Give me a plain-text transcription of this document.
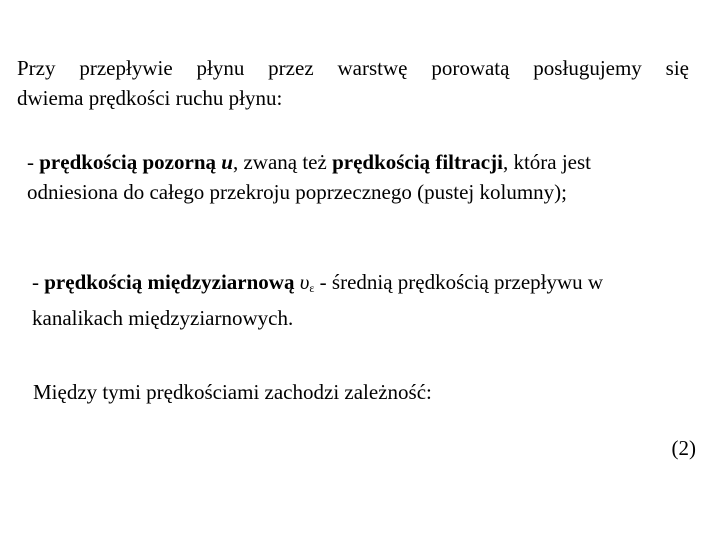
Przy przepływie płynu przez warstwę porowatą posługujemy się
dwiema prędkości ruchu płynu:

- prędkością pozorną u, zwaną też prędkością filtracji, która jest odniesiona do całego przekroju poprzecznego (pustej kolumny);

- prędkością międzyziarnową $\upsilon_\varepsilon$ - średnią prędkością przepływu w kanalikach międzyziarnowych.

Między tymi prędkościami zachodzi zależność:

(2)
